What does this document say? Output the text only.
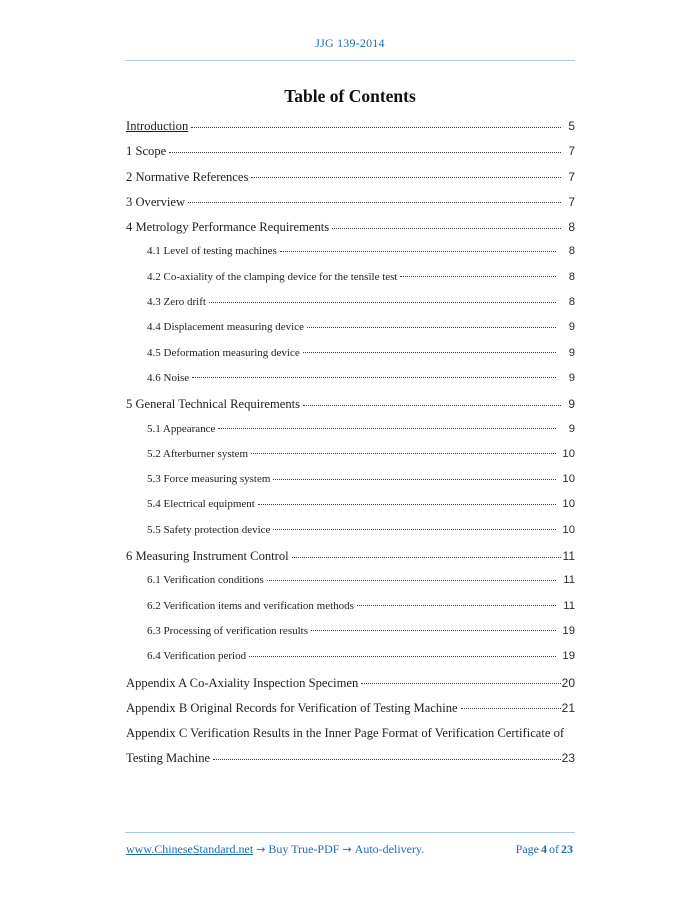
JJG 139-2014
Table of Contents
Introduction	5
1 Scope	7
2 Normative References	7
3 Overview	7
4 Metrology Performance Requirements	8
4.1 Level of testing machines	8
4.2 Co-axiality of the clamping device for the tensile test	8
4.3 Zero drift	8
4.4 Displacement measuring device	9
4.5 Deformation measuring device	9
4.6 Noise	9
5 General Technical Requirements	9
5.1 Appearance	9
5.2 Afterburner system	10
5.3 Force measuring system	10
5.4 Electrical equipment	10
5.5 Safety protection device	10
6 Measuring Instrument Control	11
6.1 Verification conditions	11
6.2 Verification items and verification methods	11
6.3 Processing of verification results	19
6.4 Verification period	19
Appendix A Co-Axiality Inspection Specimen	20
Appendix B Original Records for Verification of Testing Machine	21
Appendix C Verification Results in the Inner Page Format of Verification Certificate of
Testing Machine	23
www.ChineseStandard.net → Buy True-PDF → Auto-delivery.	Page 4 of 23
